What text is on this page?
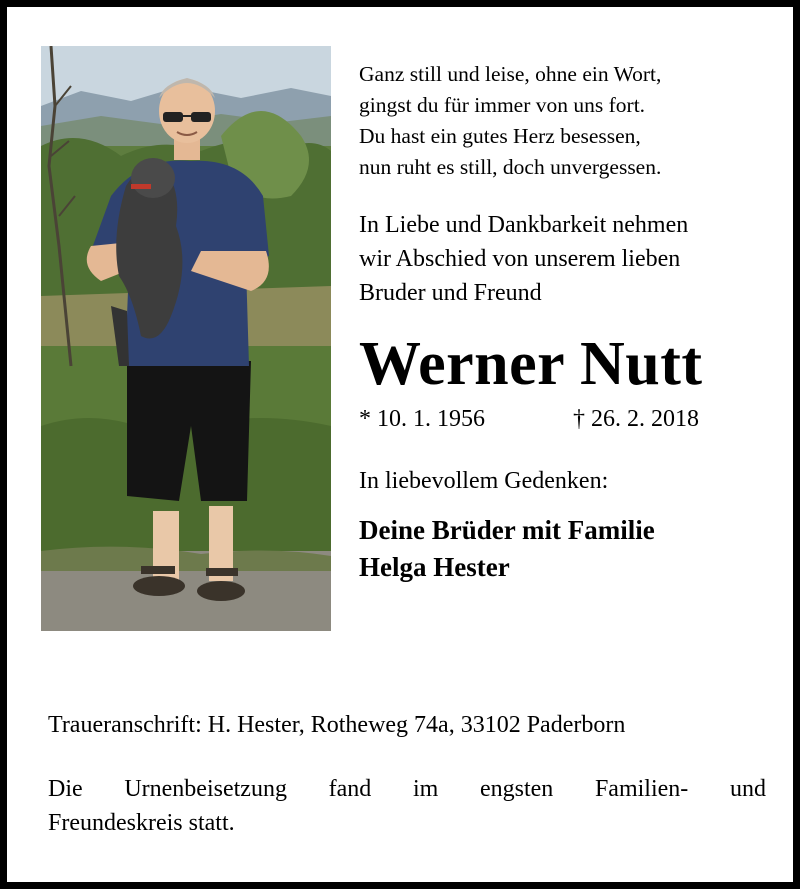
Ganz still und leise, ohne ein Wort,

gingst du für immer von uns fort.

Du hast ein gutes Herz besessen,

nun ruht es still, doch unvergessen.

In Liebe und Dankbarkeit nehmen

wir Abschied von unserem lieben

Bruder und Freund

Werner Nutt
* 10. 1. 1956	† 26. 2. 2018
In liebevollem Gedenken:

Deine Brüder mit Familie

Helga Hester

Traueranschrift: H. Hester, Rotheweg 74a, 33102 Paderborn
Die Urnenbeisetzung fand im engsten Familien- und
Freundeskreis statt.
